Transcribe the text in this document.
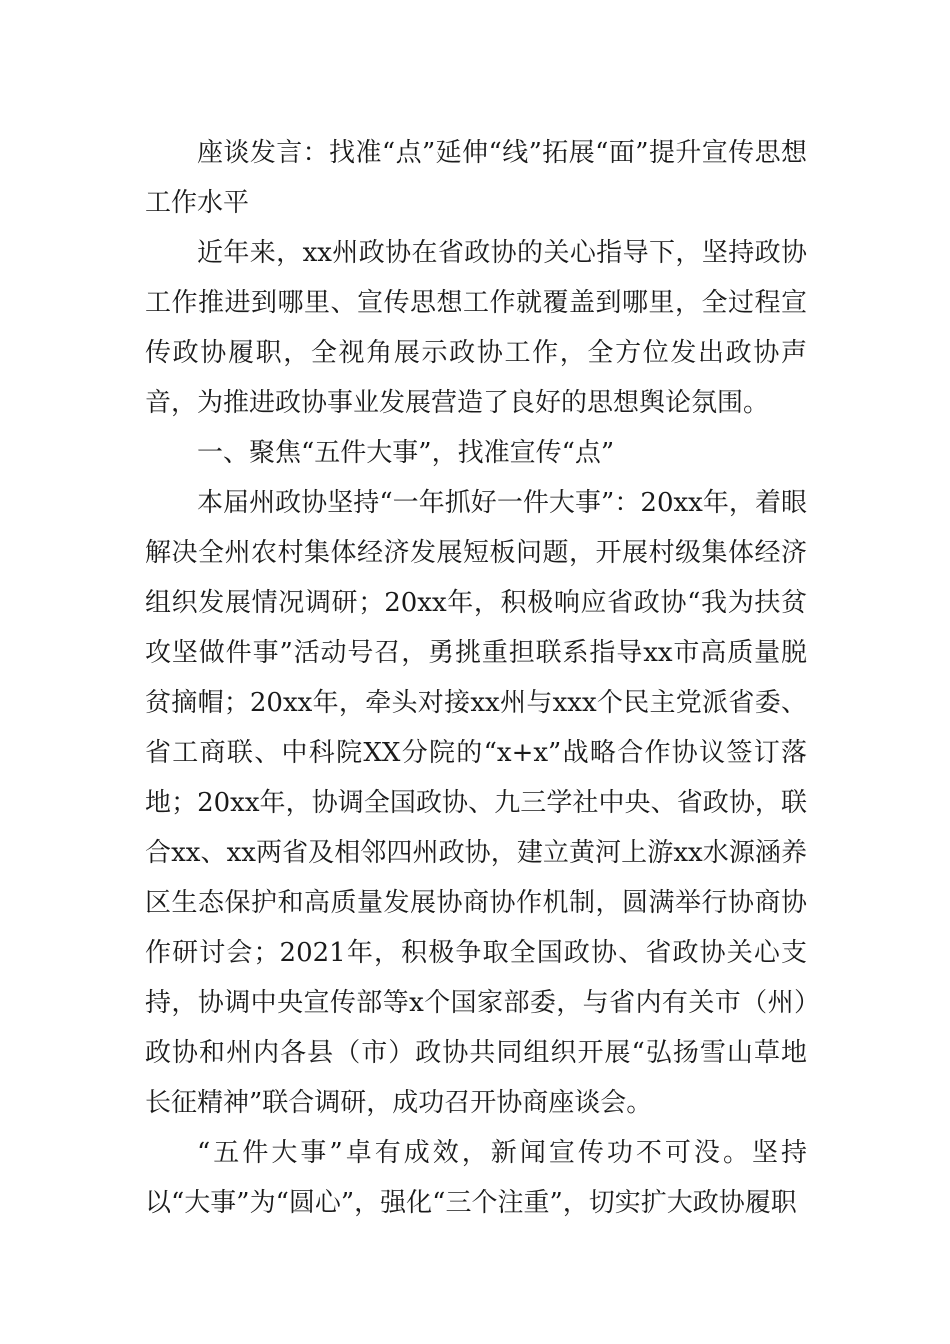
座谈发言：找准“点”延伸“线”拓展“面”提升宣传思想工作水平

近年来，xx州政协在省政协的关心指导下，坚持政协工作推进到哪里、宣传思想工作就覆盖到哪里，全过程宣传政协履职，全视角展示政协工作，全方位发出政协声音，为推进政协事业发展营造了良好的思想舆论氛围。

一、聚焦“五件大事”，找准宣传“点”

本届州政协坚持“一年抓好一件大事”：20xx年，着眼解决全州农村集体经济发展短板问题，开展村级集体经济组织发展情况调研；20xx年，积极响应省政协“我为扶贫攻坚做件事”活动号召，勇挑重担联系指导xx市高质量脱贫摘帽；20xx年，牵头对接xx州与xxx个民主党派省委、省工商联、中科院XX分院的“x+x”战略合作协议签订落地；20xx年，协调全国政协、九三学社中央、省政协，联合xx、xx两省及相邻四州政协，建立黄河上游xx水源涵养区生态保护和高质量发展协商协作机制，圆满举行协商协作研讨会；2021年，积极争取全国政协、省政协关心支持，协调中央宣传部等x个国家部委，与省内有关市（州）政协和州内各县（市）政协共同组织开展“弘扬雪山草地长征精神”联合调研，成功召开协商座谈会。

“五件大事”卓有成效，新闻宣传功不可没。坚持以“大事”为“圆心”，强化“三个注重”，切实扩大政协履职
